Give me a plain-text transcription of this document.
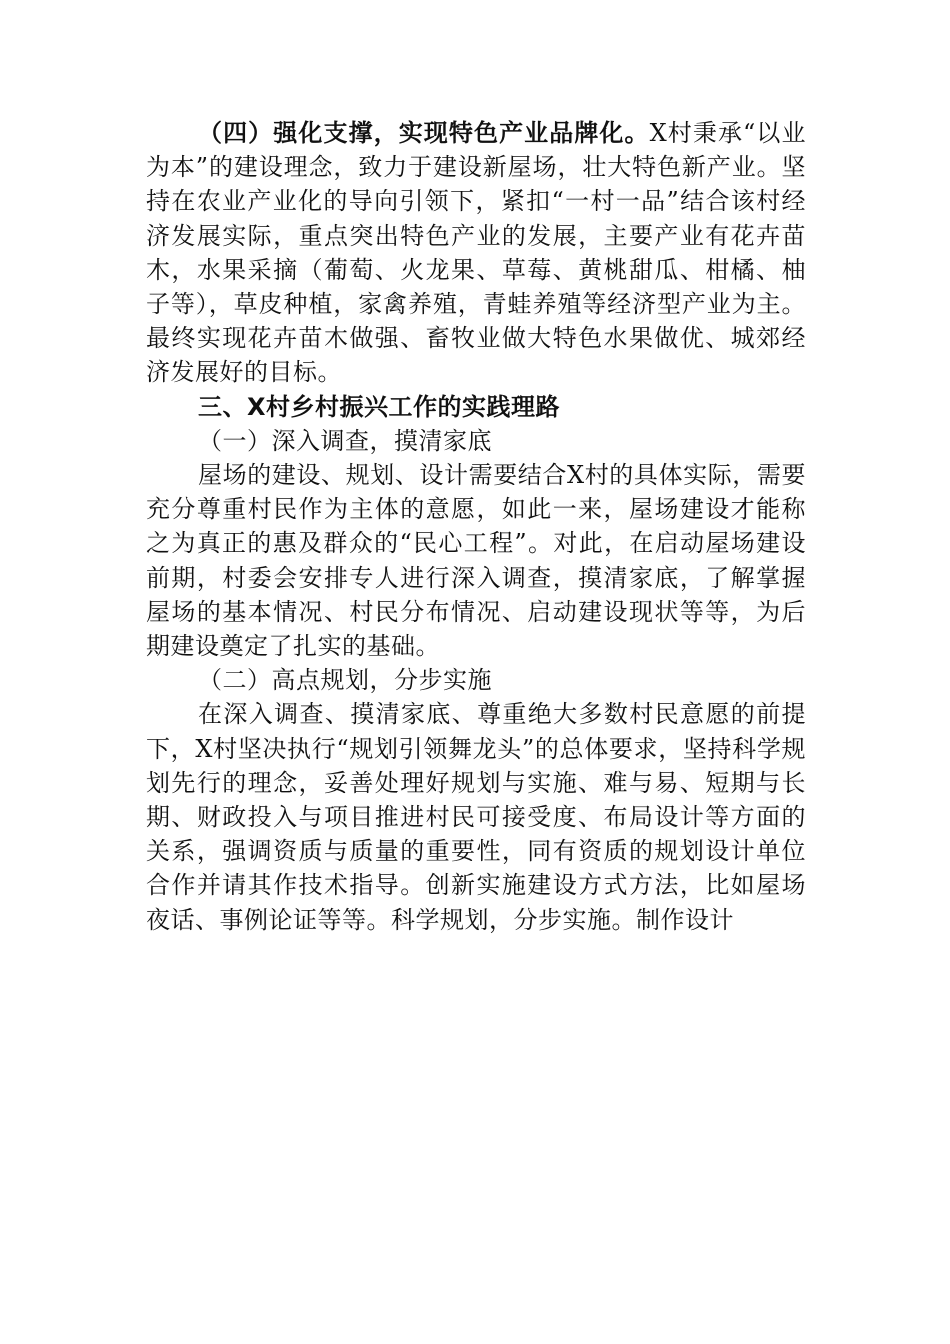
（四）强化支撑，实现特色产业品牌化。X村秉承“以业为本”的建设理念，致力于建设新屋场，壮大特色新产业。坚持在农业产业化的导向引领下，紧扣“一村一品”结合该村经济发展实际，重点突出特色产业的发展，主要产业有花卉苗木，水果采摘（葡萄、火龙果、草莓、黄桃甜瓜、柑橘、柚子等），草皮种植，家禽养殖，青蛙养殖等经济型产业为主。最终实现花卉苗木做强、畜牧业做大特色水果做优、城郊经济发展好的目标。

三、X村乡村振兴工作的实践理路

（一）深入调查，摸清家底

屋场的建设、规划、设计需要结合X村的具体实际，需要充分尊重村民作为主体的意愿，如此一来，屋场建设才能称之为真正的惠及群众的“民心工程”。对此，在启动屋场建设前期，村委会安排专人进行深入调查，摸清家底，了解掌握屋场的基本情况、村民分布情况、启动建设现状等等，为后期建设奠定了扎实的基础。

（二）高点规划，分步实施

在深入调查、摸清家底、尊重绝大多数村民意愿的前提下，X村坚决执行“规划引领舞龙头”的总体要求，坚持科学规划先行的理念，妥善处理好规划与实施、难与易、短期与长期、财政投入与项目推进村民可接受度、布局设计等方面的关系，强调资质与质量的重要性，同有资质的规划设计单位合作并请其作技术指导。创新实施建设方式方法，比如屋场夜话、事例论证等等。科学规划，分步实施。制作设计
